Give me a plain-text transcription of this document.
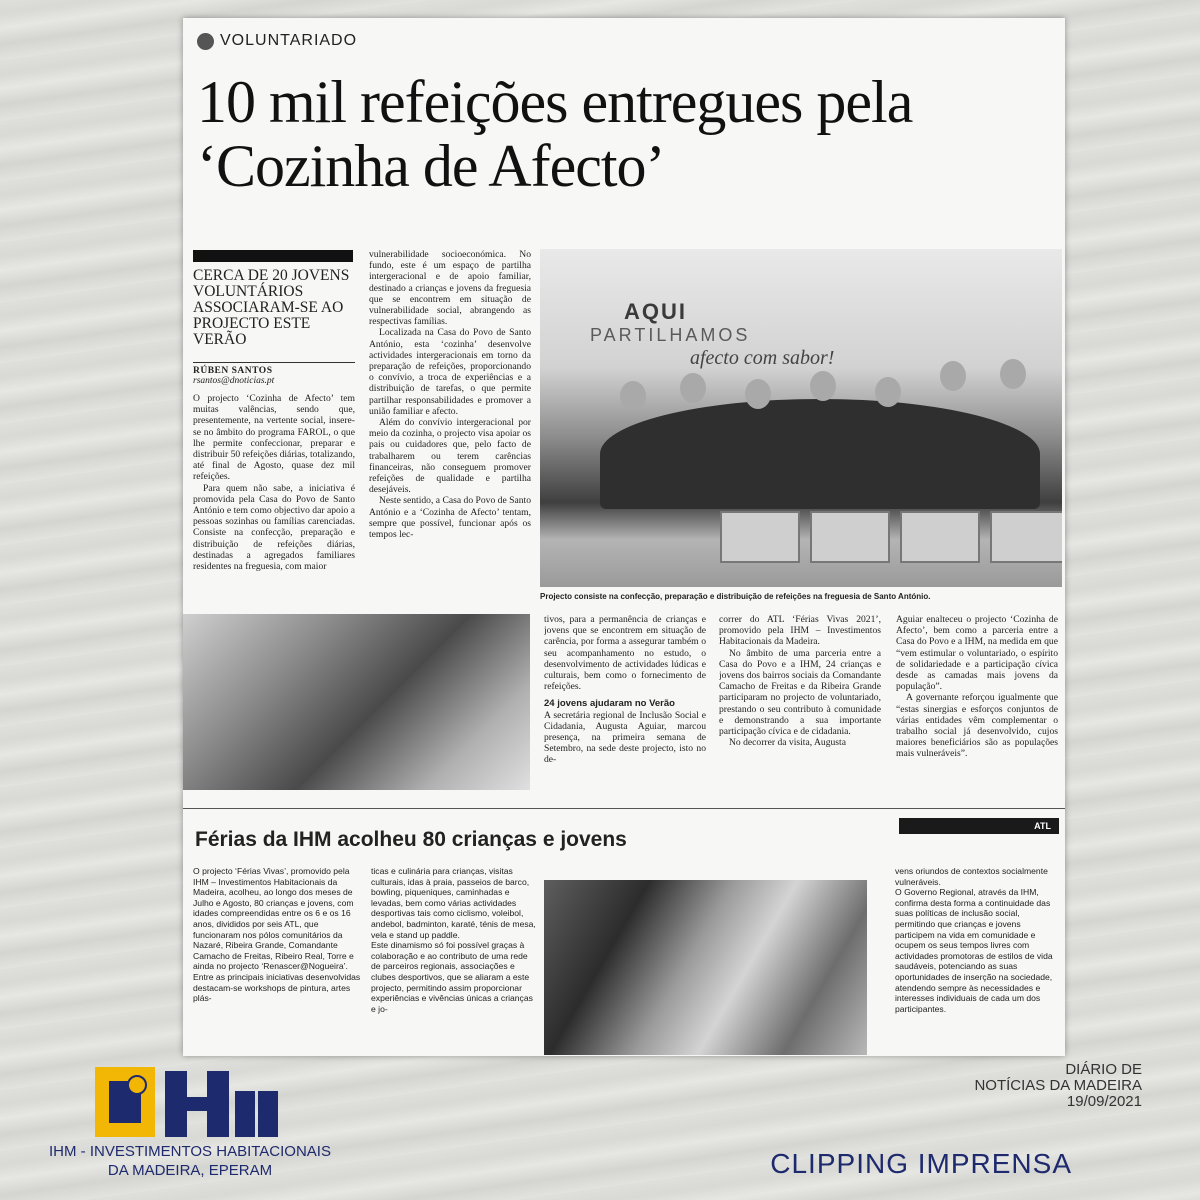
VOLUNTARIADO
10 mil refeições entregues pela ‘Cozinha de Afecto’
CERCA DE 20 JOVENS VOLUNTÁRIOS ASSOCIARAM-SE AO PROJECTO ESTE VERÃO
RÚBEN SANTOS
rsantos@dnoticias.pt

O projecto ‘Cozinha de Afecto’ tem muitas valências, sendo que, presentemente, na vertente social, insere-se no âmbito do programa FAROL, o que lhe permite confeccionar, preparar e distribuir 50 refeições diárias, totalizando, até final de Agosto, quase dez mil refeições.

Para quem não sabe, a iniciativa é promovida pela Casa do Povo de Santo António e tem como objectivo dar apoio a pessoas sozinhas ou famílias carenciadas. Consiste na confecção, preparação e distribuição de refeições diárias, destinadas a agregados familiares residentes na freguesia, com maior

vulnerabilidade socioeconómica. No fundo, este é um espaço de partilha intergeracional e de apoio familiar, destinado a crianças e jovens da freguesia que se encontrem em situação de vulnerabilidade social, abrangendo as respectivas famílias.

Localizada na Casa do Povo de Santo António, esta ‘cozinha’ desenvolve actividades intergeracionais em torno da preparação de refeições, proporcionando o convívio, a troca de experiências e a distribuição de tarefas, o que permite partilhar responsabilidades e promover a união familiar e afecto.

Além do convívio intergeracional por meio da cozinha, o projecto visa apoiar os pais ou cuidadores que, pelo facto de trabalharem ou terem carências financeiras, não conseguem promover refeições de qualidade e partilha desejáveis.

Neste sentido, a Casa do Povo de Santo António e a ‘Cozinha de Afecto’ tentam, sempre que possível, funcionar após os tempos lec-

AQUI
PARTILHAMOS
afecto com sabor!
Projecto consiste na confecção, preparação e distribuição de refeições na freguesia de Santo António.

tivos, para a permanência de crianças e jovens que se encontrem em situação de carência, por forma a assegurar também o seu acompanhamento no estudo, o desenvolvimento de actividades lúdicas e culturais, bem como o fornecimento de refeições.

24 jovens ajudaram no Verão

A secretária regional de Inclusão Social e Cidadania, Augusta Aguiar, marcou presença, na primeira semana de Setembro, na sede deste projecto, isto no de-

correr do ATL ‘Férias Vivas 2021’, promovido pela IHM – Investimentos Habitacionais da Madeira.

No âmbito de uma parceria entre a Casa do Povo e a IHM, 24 crianças e jovens dos bairros sociais da Comandante Camacho de Freitas e da Ribeira Grande participaram no projecto de voluntariado, prestando o seu contributo à comunidade e demonstrando a sua importante participação cívica e de cidadania.

No decorrer da visita, Augusta

Aguiar enalteceu o projecto ‘Cozinha de Afecto’, bem como a parceria entre a Casa do Povo e a IHM, na medida em que “vem estimular o voluntariado, o espírito de solidariedade e a participação cívica desde as camadas mais jovens da população”.

A governante reforçou igualmente que “estas sinergias e esforços conjuntos de várias entidades vêm complementar o trabalho social já desenvolvido, cujos maiores beneficiários são as populações mais vulneráveis”.

ATL
Férias da IHM acolheu 80 crianças e jovens

O projecto ‘Férias Vivas’, promovido pela IHM – Investimentos Habitacionais da Madeira, acolheu, ao longo dos meses de Julho e Agosto, 80 crianças e jovens, com idades compreendidas entre os 6 e os 16 anos, divididos por seis ATL, que funcionaram nos pólos comunitários da Nazaré, Ribeira Grande, Comandante Camacho de Freitas, Ribeiro Real, Torre e ainda no projecto ‘Renascer@Nogueira’.

Entre as principais iniciativas desenvolvidas destacam-se workshops de pintura, artes plás-

ticas e culinária para crianças, visitas culturais, idas à praia, passeios de barco, bowling, piqueniques, caminhadas e levadas, bem como várias actividades desportivas tais como ciclismo, voleibol, andebol, badminton, karaté, ténis de mesa, vela e stand up paddle.

Este dinamismo só foi possível graças à colaboração e ao contributo de uma rede de parceiros regionais, associações e clubes desportivos, que se aliaram a este projecto, permitindo assim proporcionar experiências e vivências únicas a crianças e jo-

vens oriundos de contextos socialmente vulneráveis.

O Governo Regional, através da IHM, confirma desta forma a continuidade das suas políticas de inclusão social, permitindo que crianças e jovens participem na vida em comunidade e ocupem os seus tempos livres com actividades promotoras de estilos de vida saudáveis, potenciando as suas oportunidades de inserção na sociedade, atendendo sempre às necessidades e interesses individuais de cada um dos participantes.

IHM - INVESTIMENTOS HABITACIONAIS
DA MADEIRA, EPERAM
DIÁRIO DE
NOTÍCIAS DA MADEIRA
19/09/2021
CLIPPING IMPRENSA
